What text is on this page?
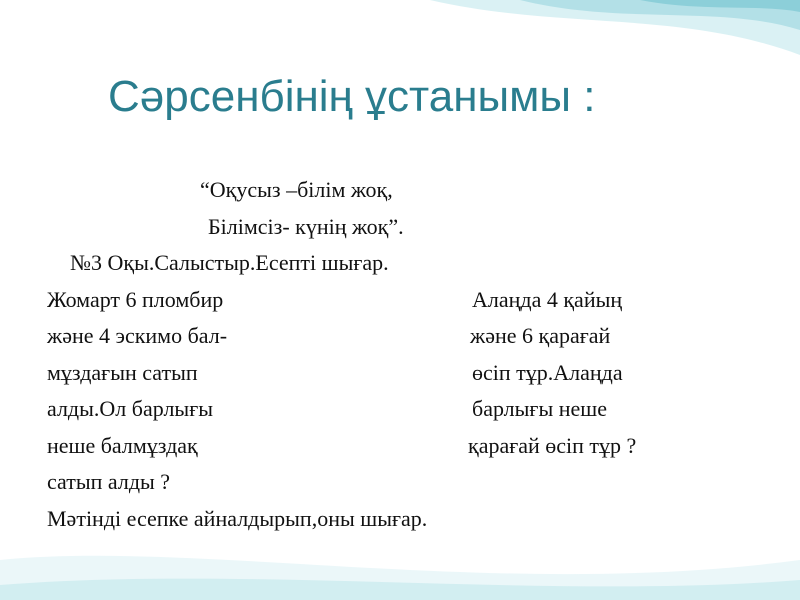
Сәрсенбінің ұстанымы :
“Оқусыз –білім жоқ,
Білімсіз- күнің жоқ”.
№3 Оқы.Салыстыр.Есепті шығар.
Жомарт 6 пломбир
және 4 эскимо бал-
мұздағын сатып
алды.Ол барлығы
неше балмұздақ
сатып алды ?
Алаңда 4 қайың
және 6 қарағай
өсіп тұр.Алаңда
барлығы неше
қарағай өсіп тұр ?
Мәтінді есепке айналдырып,оны шығар.
